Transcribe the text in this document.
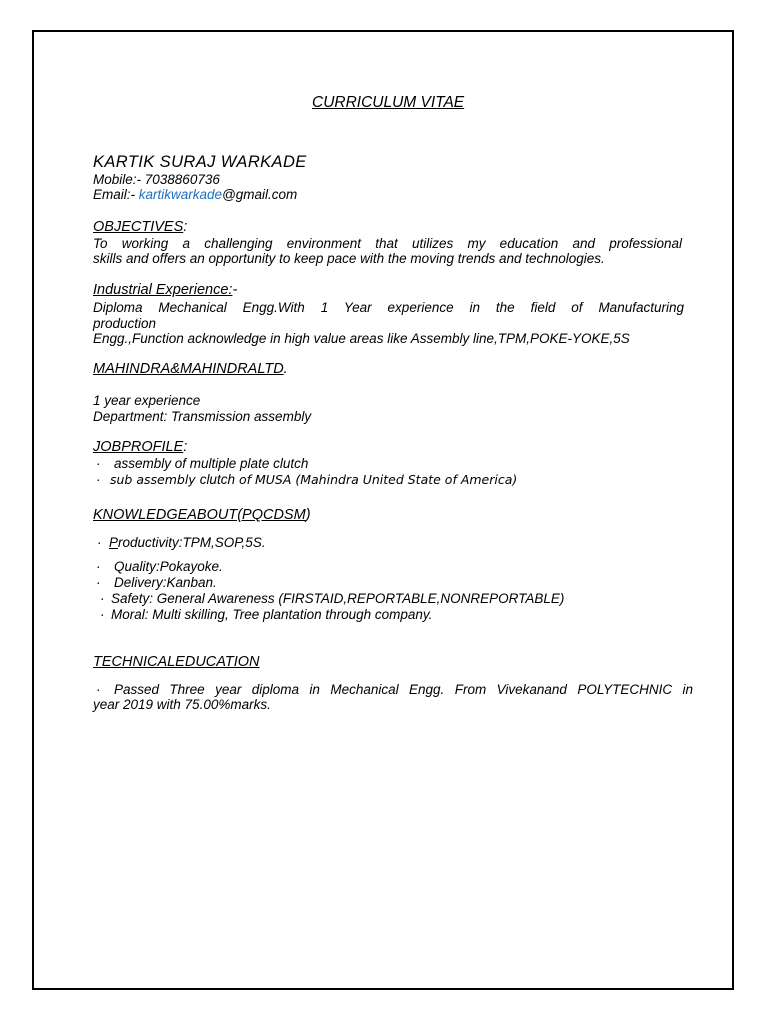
CURRICULUM VITAE
KARTIK SURAJ WARKADE
Mobile:- 7038860736
Email:- kartikwarkade@gmail.com
OBJECTIVES:
To working a challenging environment that utilizes my education and professional
skills and offers an opportunity to keep pace with the moving trends and technologies.
Industrial Experience:-
Diploma Mechanical Engg.With 1 Year experience in the field of Manufacturing
production
Engg.,Function acknowledge in high value areas like Assembly line,TPM,POKE-YOKE,5S
MAHINDRA&MAHINDRALTD.
1 year experience
Department: Transmission assembly
JOBPROFILE:
· assembly of multiple plate clutch
· sub assembly clutch of MUSA (Mahindra United State of America)
KNOWLEDGEABOUT(PQCDSM)
· Productivity:TPM,SOP,5S.
· Quality:Pokayoke.
· Delivery:Kanban.
· Safety: General Awareness (FIRSTAID,REPORTABLE,NONREPORTABLE)
· Moral: Multi skilling, Tree plantation through company.
TECHNICALEDUCATION
· Passed Three year diploma in Mechanical Engg. From Vivekanand POLYTECHNIC in
year 2019 with 75.00%marks.
